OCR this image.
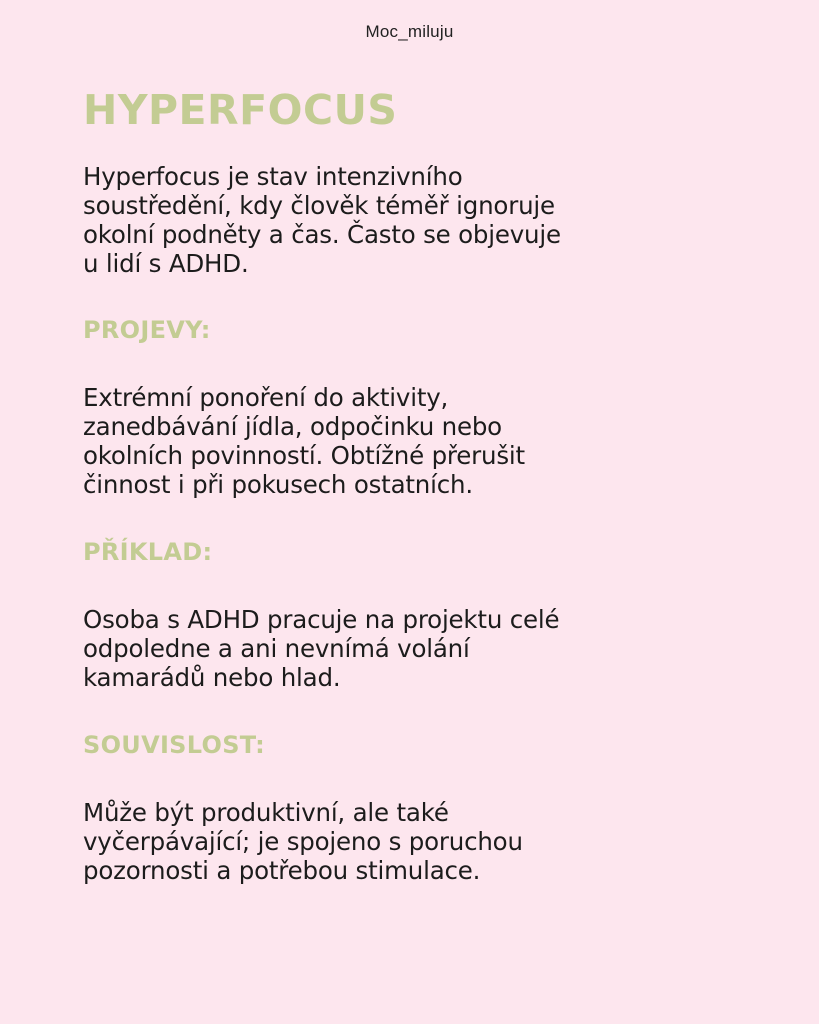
Moc_miluju
HYPERFOCUS

Hyperfocus je stav intenzivního
soustředění, kdy člověk téměř ignoruje
okolní podněty a čas. Často se objevuje
u lidí s ADHD.

PROJEVY:

Extrémní ponoření do aktivity,
zanedbávání jídla, odpočinku nebo
okolních povinností. Obtížné přerušit
činnost i při pokusech ostatních.

PŘÍKLAD:

Osoba s ADHD pracuje na projektu celé
odpoledne a ani nevnímá volání
kamarádů nebo hlad.

SOUVISLOST:

Může být produktivní, ale také
vyčerpávající; je spojeno s poruchou
pozornosti a potřebou stimulace.
